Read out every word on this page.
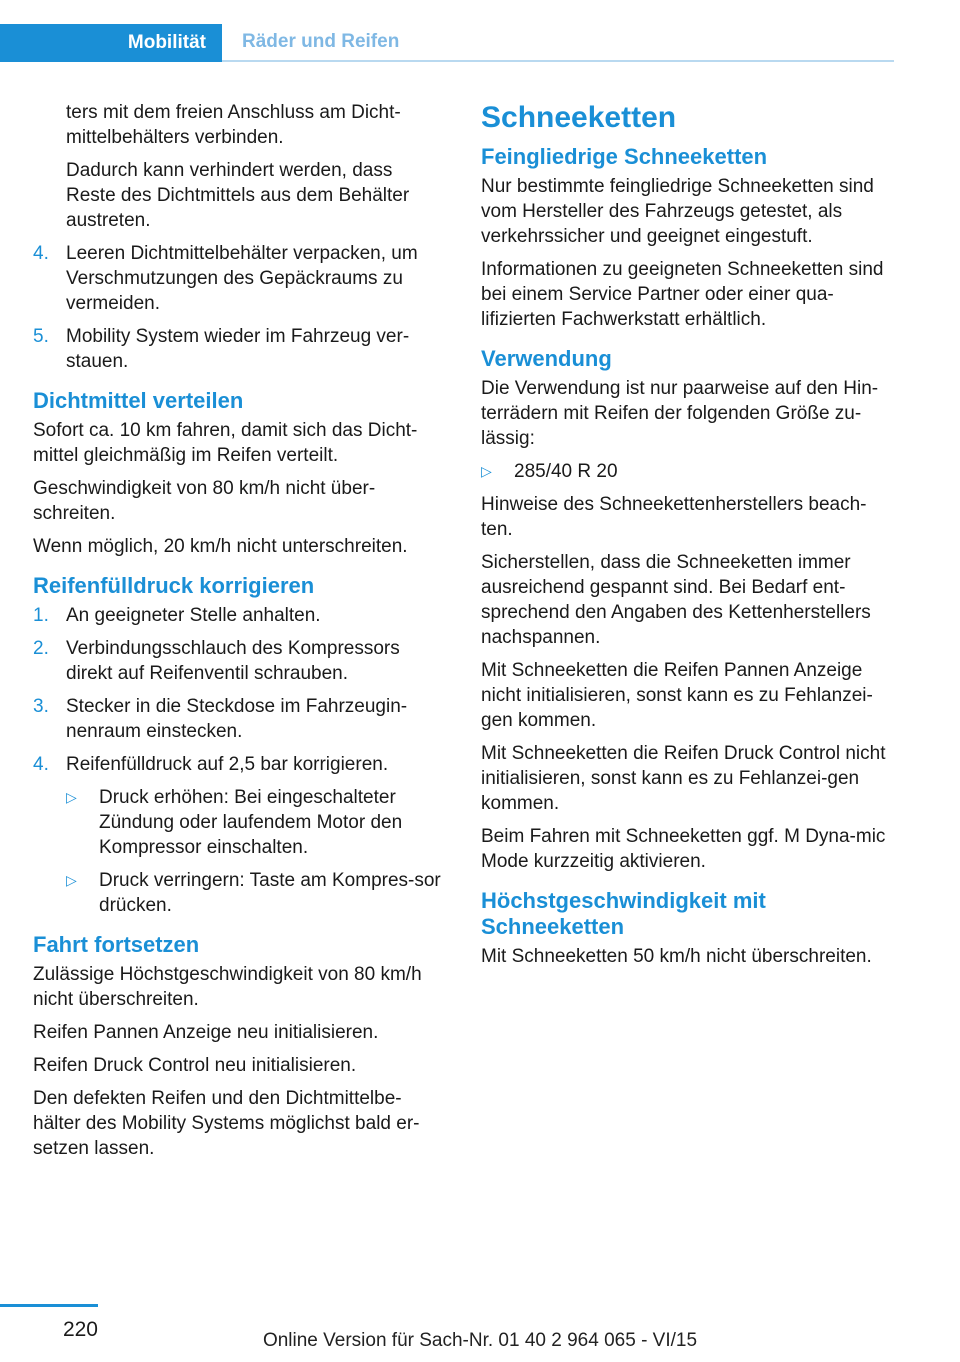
Mobilität	Räder und Reifen

ters mit dem freien Anschluss am Dicht-mittelbehälters verbinden.

Dadurch kann verhindert werden, dass Reste des Dichtmittels aus dem Behälter austreten.

4. Leeren Dichtmittelbehälter verpacken, um Verschmutzungen des Gepäckraums zu vermeiden.
5. Mobility System wieder im Fahrzeug ver-stauen.
Dichtmittel verteilen

Sofort ca. 10 km fahren, damit sich das Dicht-mittel gleichmäßig im Reifen verteilt.

Geschwindigkeit von 80 km/h nicht über-schreiten.

Wenn möglich, 20 km/h nicht unterschreiten.

Reifenfülldruck korrigieren
1. An geeigneter Stelle anhalten.
2. Verbindungsschlauch des Kompressors direkt auf Reifenventil schrauben.
3. Stecker in die Steckdose im Fahrzeugin-nenraum einstecken.
4. Reifenfülldruck auf 2,5 bar korrigieren.
▷	Druck erhöhen: Bei eingeschalteter Zündung oder laufendem Motor den Kompressor einschalten.
▷	Druck verringern: Taste am Kompres-sor drücken.
Fahrt fortsetzen

Zulässige Höchstgeschwindigkeit von 80 km/h nicht überschreiten.

Reifen Pannen Anzeige neu initialisieren.

Reifen Druck Control neu initialisieren.

Den defekten Reifen und den Dichtmittelbe-hälter des Mobility Systems möglichst bald er-setzen lassen.

Schneeketten
Feingliedrige Schneeketten

Nur bestimmte feingliedrige Schneeketten sind vom Hersteller des Fahrzeugs getestet, als verkehrssicher und geeignet eingestuft.

Informationen zu geeigneten Schneeketten sind bei einem Service Partner oder einer qua-lifizierten Fachwerkstatt erhältlich.

Verwendung

Die Verwendung ist nur paarweise auf den Hin-terrädern mit Reifen der folgenden Größe zu-lässig:

▷	285/40 R 20

Hinweise des Schneekettenherstellers beach-ten.

Sicherstellen, dass die Schneeketten immer ausreichend gespannt sind. Bei Bedarf ent-sprechend den Angaben des Kettenherstellers nachspannen.

Mit Schneeketten die Reifen Pannen Anzeige nicht initialisieren, sonst kann es zu Fehlanzei-gen kommen.

Mit Schneeketten die Reifen Druck Control nicht initialisieren, sonst kann es zu Fehlanzei-gen kommen.

Beim Fahren mit Schneeketten ggf. M Dyna-mic Mode kurzzeitig aktivieren.

Höchstgeschwindigkeit mit Schneeketten

Mit Schneeketten 50 km/h nicht überschreiten.

220	Online Version für Sach-Nr. 01 40 2 964 065 - VI/15
